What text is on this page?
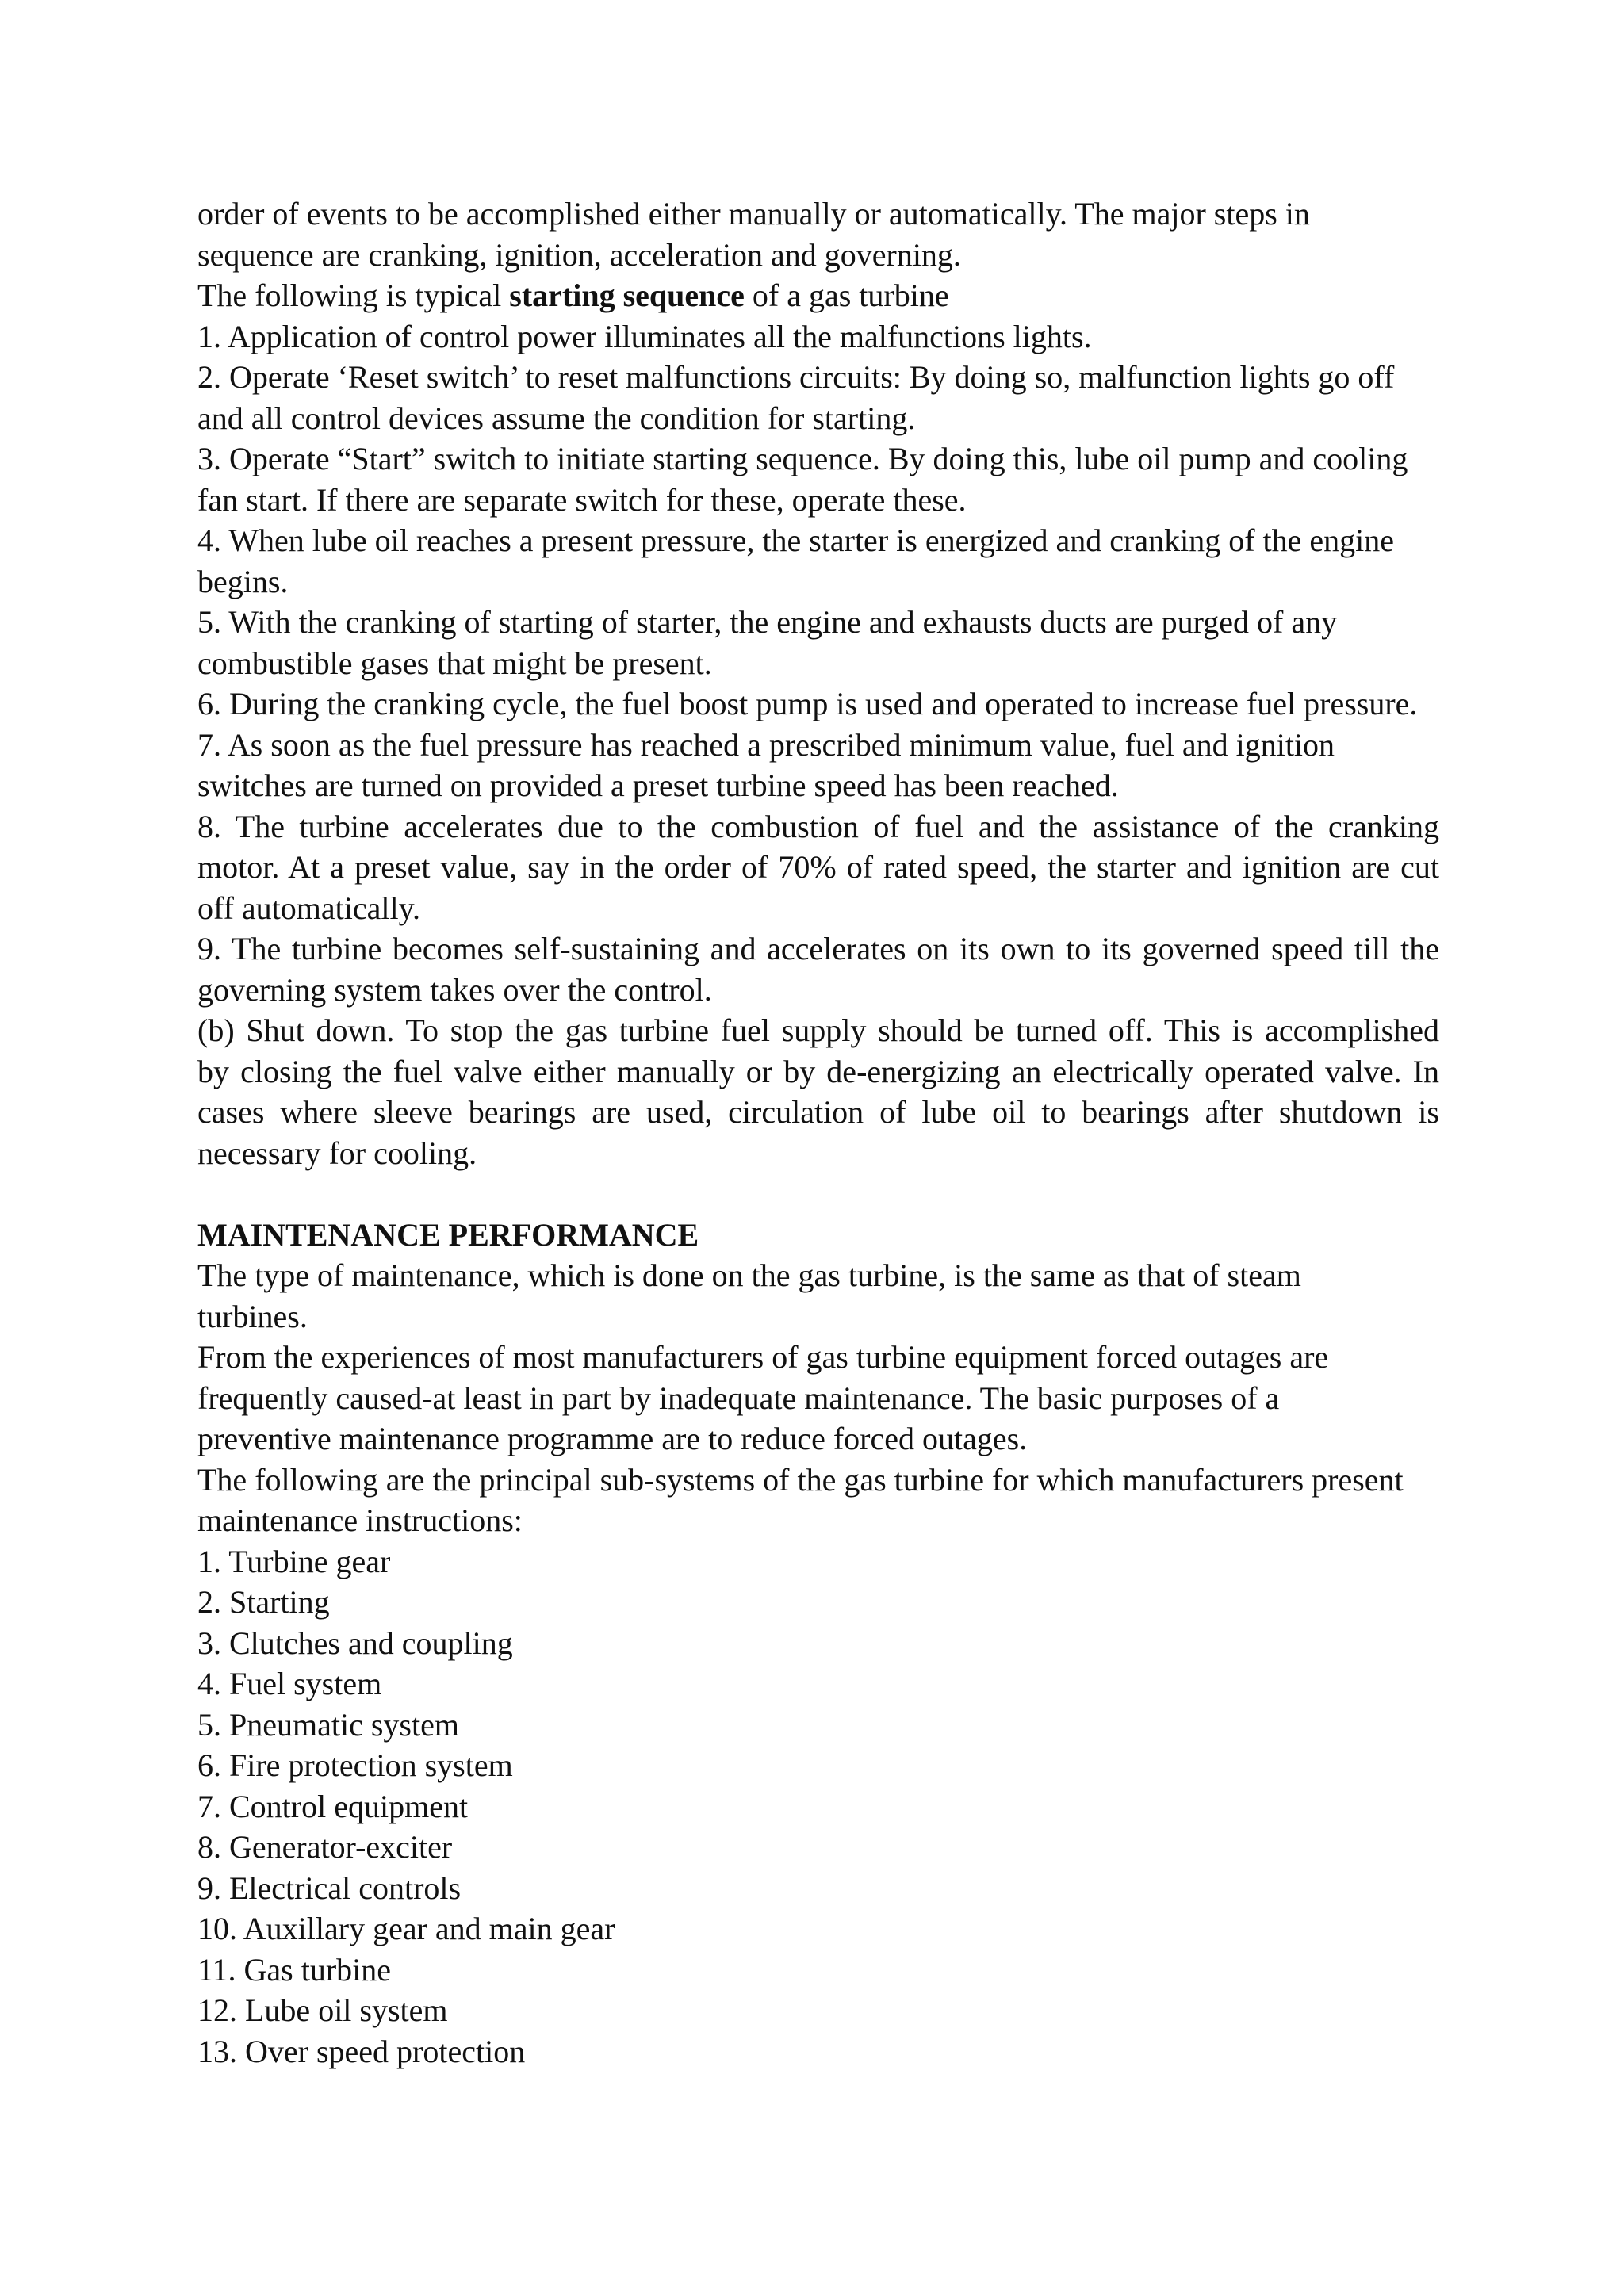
order of events to be accomplished either manually or automatically. The major steps in

sequence are cranking, ignition, acceleration and governing.

The following is typical starting sequence of a gas turbine

1. Application of control power illuminates all the malfunctions lights.

2. Operate ‘Reset switch’ to reset malfunctions circuits: By doing so, malfunction lights go off

and all control devices assume the condition for starting.

3. Operate “Start” switch to initiate starting sequence. By doing this, lube oil pump and cooling

fan start. If there are separate switch for these, operate these.

4. When lube oil reaches a present pressure, the starter is energized and cranking of the engine

begins.

5. With the cranking of starting of starter, the engine and exhausts ducts are purged of any

combustible gases that might be present.

6. During the cranking cycle, the fuel boost pump is used and operated to increase fuel pressure.

7. As soon as the fuel pressure has reached a prescribed minimum value, fuel and ignition

switches are turned on provided a preset turbine speed has been reached.

8. The turbine accelerates due to the combustion of fuel and the assistance of the cranking

motor. At a preset value, say in the order of 70% of rated speed, the starter and ignition are cut

off automatically.

9. The turbine becomes self-sustaining and accelerates on its own to its governed speed till the

governing system takes over the control.

(b) Shut down. To stop the gas turbine fuel supply should be turned off. This is accomplished

by closing the fuel valve either manually or by de-energizing an electrically operated valve. In

cases where sleeve bearings are used, circulation of lube oil to bearings after shutdown is

necessary for cooling.

MAINTENANCE PERFORMANCE

The type of maintenance, which is done on the gas turbine, is the same as that of steam

turbines.

From the experiences of most manufacturers of gas turbine equipment forced outages are

frequently caused-at least in part by inadequate maintenance. The basic purposes of a

preventive maintenance programme are to reduce forced outages.

The following are the principal sub-systems of the gas turbine for which manufacturers present

maintenance instructions:

1. Turbine gear

2. Starting

3. Clutches and coupling

4. Fuel system

5. Pneumatic system

6. Fire protection system

7. Control equipment

8. Generator-exciter

9. Electrical controls

10. Auxillary gear and main gear

11. Gas turbine

12. Lube oil system

13. Over speed protection
